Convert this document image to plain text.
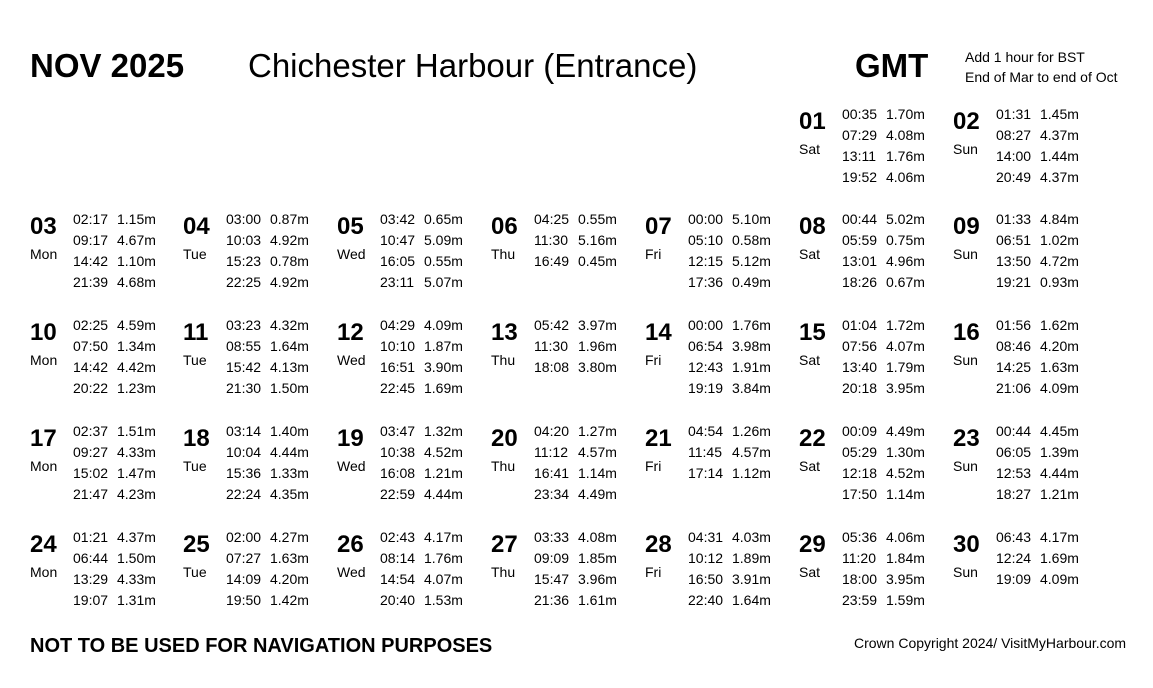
NOV 2025 Chichester Harbour (Entrance)	GMT	Add 1 hour for BST
End of Mar to end of Oct
01
Sat
00:35 1.70m
07:29 4.08m
13:11 1.76m
19:52 4.06m
02
Sun
01:31 1.45m
08:27 4.37m
14:00 1.44m
20:49 4.37m
03
Mon
02:17 1.15m
09:17 4.67m
14:42 1.10m
21:39 4.68m
04
Tue
03:00 0.87m
10:03 4.92m
15:23 0.78m
22:25 4.92m
05
Wed
03:42 0.65m
10:47 5.09m
16:05 0.55m
23:11 5.07m
06
Thu
04:25 0.55m
11:30 5.16m
16:49 0.45m
07
Fri
00:00 5.10m
05:10 0.58m
12:15 5.12m
17:36 0.49m
08
Sat
00:44 5.02m
05:59 0.75m
13:01 4.96m
18:26 0.67m
09
Sun
01:33 4.84m
06:51 1.02m
13:50 4.72m
19:21 0.93m
10
Mon
02:25 4.59m
07:50 1.34m
14:42 4.42m
20:22 1.23m
11
Tue
03:23 4.32m
08:55 1.64m
15:42 4.13m
21:30 1.50m
12
Wed
04:29 4.09m
10:10 1.87m
16:51 3.90m
22:45 1.69m
13
Thu
05:42 3.97m
11:30 1.96m
18:08 3.80m
14
Fri
00:00 1.76m
06:54 3.98m
12:43 1.91m
19:19 3.84m
15
Sat
01:04 1.72m
07:56 4.07m
13:40 1.79m
20:18 3.95m
16
Sun
01:56 1.62m
08:46 4.20m
14:25 1.63m
21:06 4.09m
17
Mon
02:37 1.51m
09:27 4.33m
15:02 1.47m
21:47 4.23m
18
Tue
03:14 1.40m
10:04 4.44m
15:36 1.33m
22:24 4.35m
19
Wed
03:47 1.32m
10:38 4.52m
16:08 1.21m
22:59 4.44m
20
Thu
04:20 1.27m
11:12 4.57m
16:41 1.14m
23:34 4.49m
21
Fri
04:54 1.26m
11:45 4.57m
17:14 1.12m
22
Sat
00:09 4.49m
05:29 1.30m
12:18 4.52m
17:50 1.14m
23
Sun
00:44 4.45m
06:05 1.39m
12:53 4.44m
18:27 1.21m
24
Mon
01:21 4.37m
06:44 1.50m
13:29 4.33m
19:07 1.31m
25
Tue
02:00 4.27m
07:27 1.63m
14:09 4.20m
19:50 1.42m
26
Wed
02:43 4.17m
08:14 1.76m
14:54 4.07m
20:40 1.53m
27
Thu
03:33 4.08m
09:09 1.85m
15:47 3.96m
21:36 1.61m
28
Fri
04:31 4.03m
10:12 1.89m
16:50 3.91m
22:40 1.64m
29
Sat
05:36 4.06m
11:20 1.84m
18:00 3.95m
23:59 1.59m
30
Sun
06:43 4.17m
12:24 1.69m
19:09 4.09m
NOT TO BE USED FOR NAVIGATION PURPOSES	Crown Copyright 2024/ VisitMyHarbour.com
